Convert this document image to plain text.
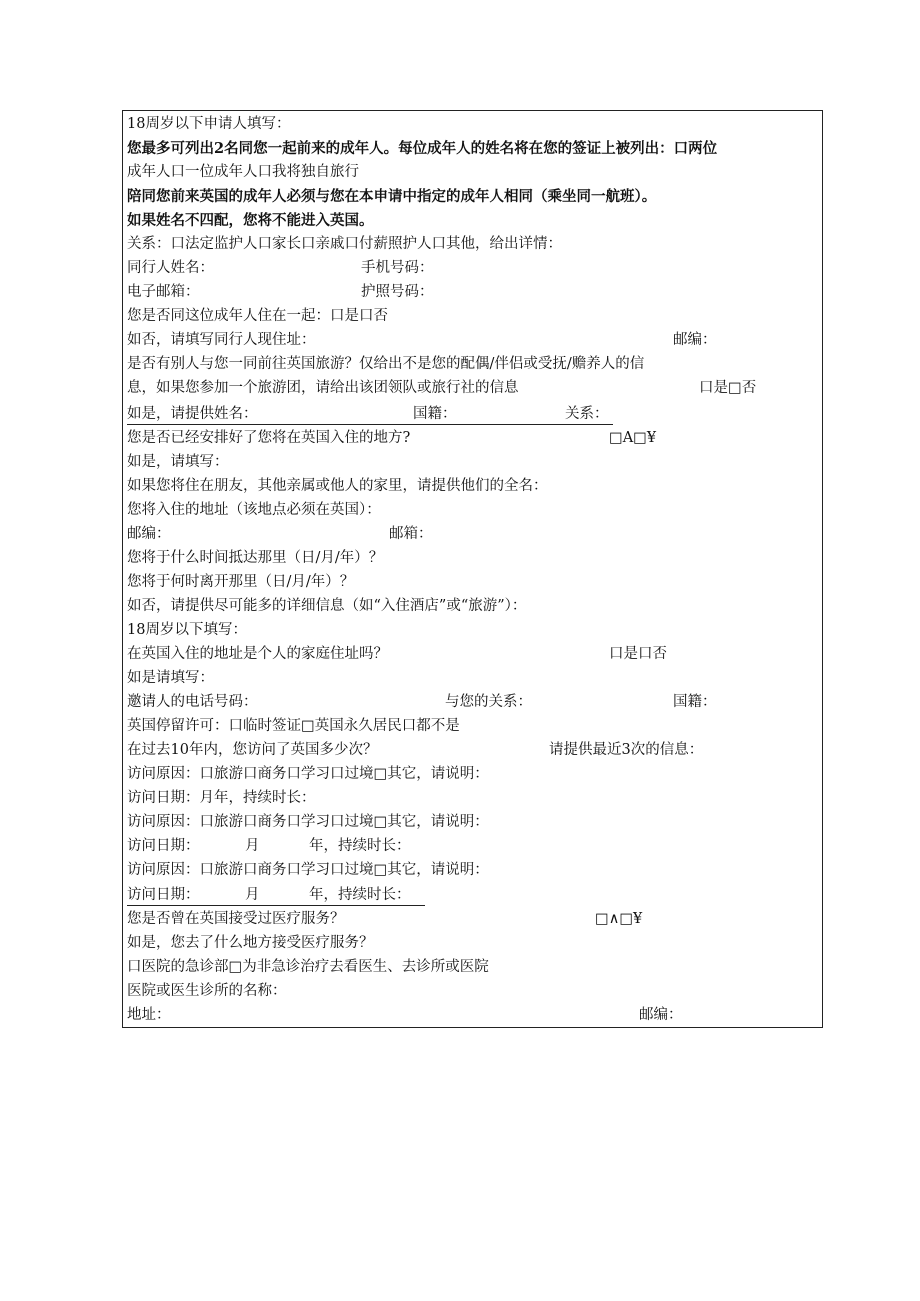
18周岁以下申请人填写：
您最多可列出2名同您一起前来的成年人。每位成年人的姓名将在您的签证上被列出：口两位
成年人口一位成年人口我将独自旅行
陪同您前来英国的成年人必须与您在本申请中指定的成年人相同（乘坐同一航班）。
如果姓名不四配，您将不能进入英国。
关系：口法定监护人口家长口亲戚口付薪照护人口其他，给出详情：
同行人姓名：	手机号码：
电子邮箱：	护照号码：
您是否同这位成年人住在一起：口是口否
如否，请填写同行人现住址：	邮编：
是否有别人与您一同前往英国旅游？仅给出不是您的配偶/伴侣或受抚/赡养人的信
息，如果您参加一个旅游团，请给出该团领队或旅行社的信息	口是□否
如是，请提供姓名：	国籍：	关系：
您是否已经安排好了您将在英国入住的地方?	□A□¥
如是，请填写：
如果您将住在朋友，其他亲属或他人的家里，请提供他们的全名：
您将入住的地址（该地点必须在英国）：
邮编：	邮箱：
您将于什么时间抵达那里（日/月/年）？
您将于何时离开那里（日/月/年）？
如否，请提供尽可能多的详细信息（如“入住酒店”或“旅游”）：
18周岁以下填写：
在英国入住的地址是个人的家庭住址吗？	口是口否
如是请填写：
邀请人的电话号码：	与您的关系：	国籍：
英国停留许可：口临时签证□英国永久居民口都不是
在过去10年内，您访问了英国多少次？	请提供最近3次的信息：
访问原因：口旅游口商务口学习口过境□其它，请说明：
访问日期：月年，持续时长：
访问原因：口旅游口商务口学习口过境□其它，请说明：
访问日期：	月	年，持续时长：
访问原因：口旅游口商务口学习口过境□其它，请说明：
访问日期：	月	年，持续时长：
您是否曾在英国接受过医疗服务？	□∧□¥
如是，您去了什么地方接受医疗服务？
口医院的急诊部□为非急诊治疗去看医生、去诊所或医院
医院或医生诊所的名称：
地址：	邮编：
